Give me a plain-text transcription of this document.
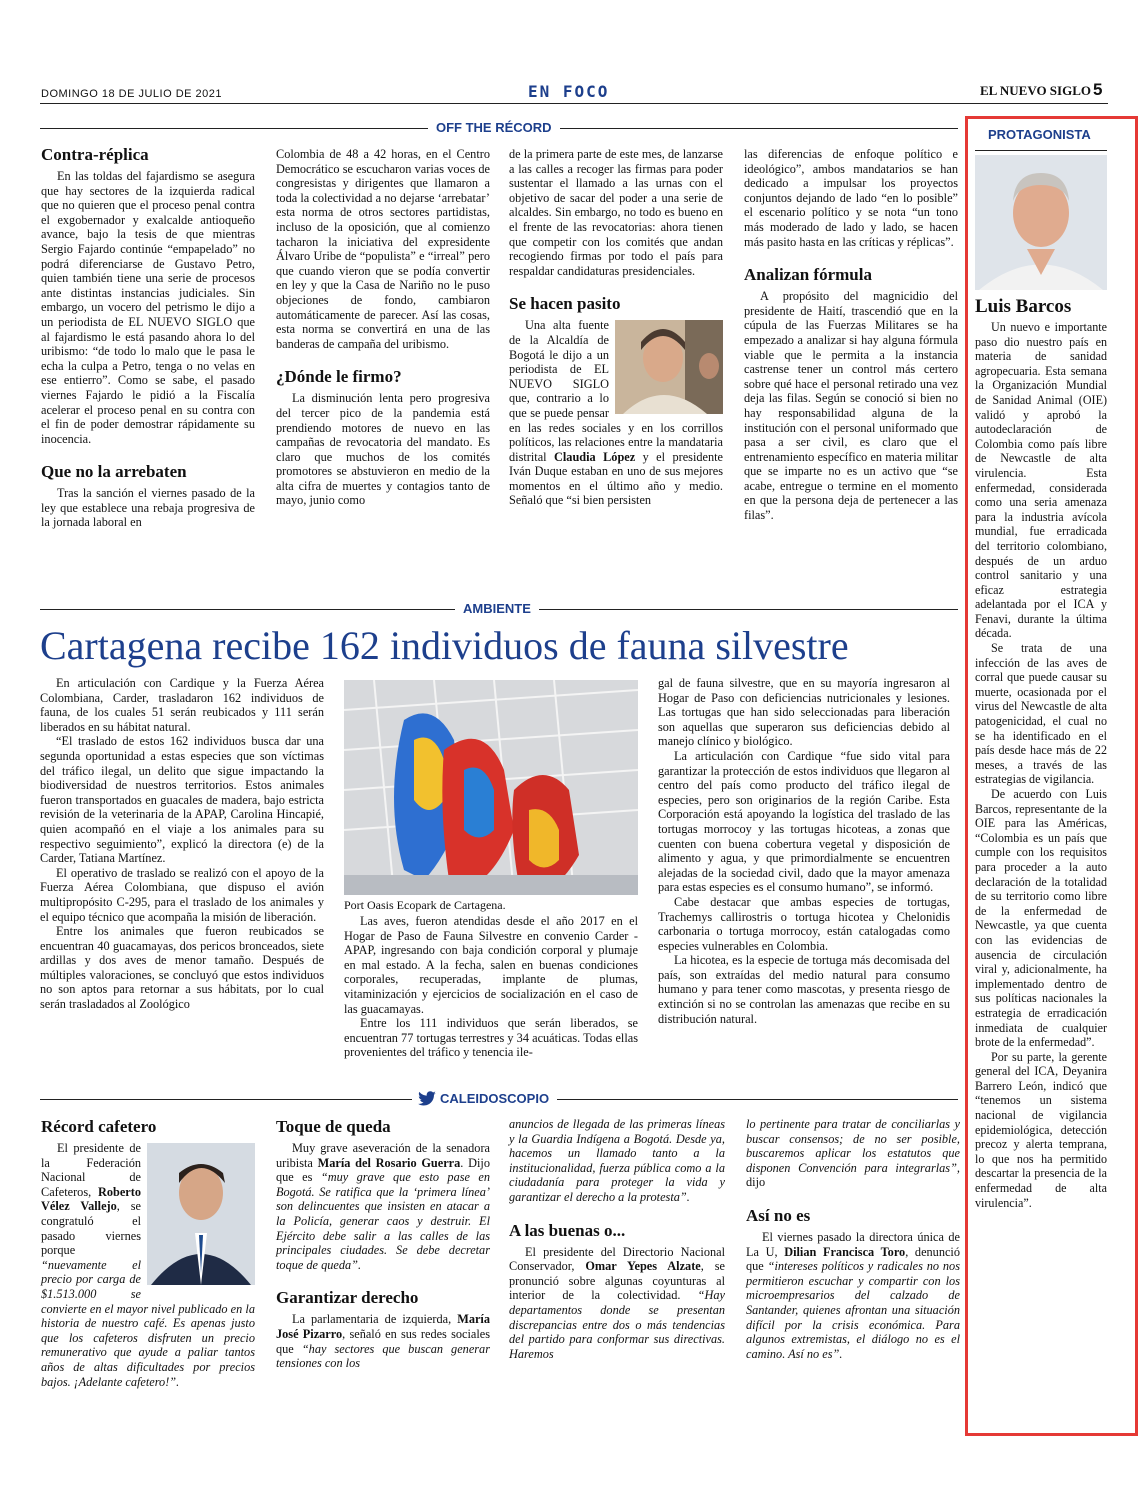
DOMINGO 18 DE JULIO DE 2021	EN FOCO	EL NUEVO SIGLO 5
OFF THE RÉCORD
Contra-réplica

En las toldas del fajardismo se asegura que hay sectores de la izquierda radical que no quieren que el proceso penal contra el exgobernador y exalcalde antioqueño avance, bajo la tesis de que mientras Sergio Fajardo continúe “empapelado” no podrá diferenciarse de Gustavo Petro, quien también tiene una serie de procesos ante distintas instancias judiciales. Sin embargo, un vocero del petrismo le dijo a un periodista de EL NUEVO SIGLO que al fajardismo le está pasando ahora lo del uribismo: “de todo lo malo que le pasa le echa la culpa a Petro, tenga o no velas en ese entierro”. Como se sabe, el pasado viernes Fajardo le pidió a la Fiscalía acelerar el proceso penal en su contra con el fin de poder demostrar rápidamente su inocencia.

Que no la arrebaten

Tras la sanción el viernes pasado de la ley que establece una rebaja progresiva de la jornada laboral en

Colombia de 48 a 42 horas, en el Centro Democrático se escucharon varias voces de congresistas y dirigentes que llamaron a toda la colectividad a no dejarse ‘arrebatar’ esta norma de otros sectores partidistas, incluso de la oposición, que al comienzo tacharon la iniciativa del expresidente Álvaro Uribe de “populista” e “irreal” pero que cuando vieron que se podía convertir en ley y que la Casa de Nariño no le puso objeciones de fondo, cambiaron automáticamente de parecer. Así las cosas, esta norma se convertirá en una de las banderas de campaña del uribismo.

¿Dónde le firmo?

La disminución lenta pero progresiva del tercer pico de la pandemia está prendiendo motores de nuevo en las campañas de revocatoria del mandato. Es claro que muchos de los comités promotores se abstuvieron en medio de la alta cifra de muertes y contagios tanto de mayo, junio como

de la primera parte de este mes, de lanzarse a las calles a recoger las firmas para poder sustentar el llamado a las urnas con el objetivo de sacar del poder a una serie de alcaldes. Sin embargo, no todo es bueno en el frente de las revocatorias: ahora tienen que competir con los comités que andan recogiendo firmas por todo el país para respaldar candidaturas presidenciales.

Se hacen pasito

Una alta fuente de la Alcaldía de Bogotá le dijo a un periodista de EL NUEVO SIGLO que, contrario a lo que se puede pensar en las redes sociales y en los corrillos políticos, las relaciones entre la mandataria distrital Claudia López y el presidente Iván Duque estaban en uno de sus mejores momentos en el último año y medio. Señaló que “si bien persisten

las diferencias de enfoque político e ideológico”, ambos mandatarios se han dedicado a impulsar los proyectos conjuntos dejando de lado “en lo posible” el escenario político y se nota “un tono más moderado de lado y lado, se hacen más pasito hasta en las críticas y réplicas”.

Analizan fórmula

A propósito del magnicidio del presidente de Haití, trascendió que en la cúpula de las Fuerzas Militares se ha empezado a analizar si hay alguna fórmula viable que le permita a la instancia castrense tener un control más certero sobre qué hace el personal retirado una vez deja las filas. Según se conoció si bien no hay responsabilidad alguna de la institución con el personal uniformado que pasa a ser civil, es claro que el entrenamiento específico en materia militar que se imparte no es un activo que “se acabe, entregue o termine en el momento en que la persona deja de pertenecer a las filas”.

AMBIENTE
Cartagena recibe 162 individuos de fauna silvestre

En articulación con Cardique y la Fuerza Aérea Colombiana, Carder, trasladaron 162 individuos de fauna, de los cuales 51 serán reubicados y 111 serán liberados en su hábitat natural.

“El traslado de estos 162 individuos busca dar una segunda oportunidad a estas especies que son víctimas del tráfico ilegal, un delito que sigue impactando la biodiversidad de nuestros territorios. Estos animales fueron transportados en guacales de madera, bajo estricta revisión de la veterinaria de la APAP, Carolina Hincapié, quien acompañó en el viaje a los animales para su respectivo seguimiento”, explicó la directora (e) de la Carder, Tatiana Martínez.

El operativo de traslado se realizó con el apoyo de la Fuerza Aérea Colombiana, que dispuso el avión multipropósito C-295, para el traslado de los animales y el equipo técnico que acompaña la misión de liberación.

Entre los animales que fueron reubicados se encuentran 40 guacamayas, dos pericos bronceados, siete ardillas y dos aves de menor tamaño. Después de múltiples valoraciones, se concluyó que estos individuos no son aptos para retornar a sus hábitats, por lo cual serán trasladados al Zoológico

Port Oasis Ecopark de Cartagena.

Las aves, fueron atendidas desde el año 2017 en el Hogar de Paso de Fauna Silvestre en convenio Carder - APAP, ingresando con baja condición corporal y plumaje en mal estado. A la fecha, salen en buenas condiciones corporales, recuperadas, implante de plumas, vitaminización y ejercicios de socialización en el caso de las guacamayas.

Entre los 111 individuos que serán liberados, se encuentran 77 tortugas terrestres y 34 acuáticas. Todas ellas provenientes del tráfico y tenencia ile-

gal de fauna silvestre, que en su mayoría ingresaron al Hogar de Paso con deficiencias nutricionales y lesiones. Las tortugas que han sido seleccionadas para liberación son aquellas que superaron sus deficiencias debido al manejo clínico y biológico.

La articulación con Cardique “fue sido vital para garantizar la protección de estos individuos que llegaron al centro del país como producto del tráfico ilegal de especies, pero son originarios de la región Caribe. Esta Corporación está apoyando la logística del traslado de las tortugas morrocoy y las tortugas hicoteas, a zonas que cuenten con buena cobertura vegetal y disposición de alimento y agua, y que primordialmente se encuentren alejadas de la sociedad civil, dado que la mayor amenaza para estas especies es el consumo humano”, se informó.

Cabe destacar que ambas especies de tortugas, Trachemys callirostris o tortuga hicotea y Chelonidis carbonaria o tortuga morrocoy, están catalogadas como especies vulnerables en Colombia.

La hicotea, es la especie de tortuga más decomisada del país, son extraídas del medio natural para consumo humano y para tener como mascotas, y presenta riesgo de extinción si no se controlan las amenazas que recibe en su distribución natural.

CALEIDOSCOPIO
Récord cafetero

El presidente de la Federación Nacional de Cafeteros, Roberto Vélez Vallejo, se congratuló el pasado viernes porque “nuevamente el precio por carga de $1.513.000 se convierte en el mayor nivel publicado en la historia de nuestro café. Es apenas justo que los cafeteros disfruten un precio remunerativo que ayude a paliar tantos años de altas dificultades por precios bajos. ¡Adelante cafetero!”.

Toque de queda

Muy grave aseveración de la senadora uribista María del Rosario Guerra. Dijo que es “muy grave que esto pase en Bogotá. Se ratifica que la ‘primera línea’ son delincuentes que insisten en atacar a la Policía, generar caos y destruir. El Ejército debe salir a las calles de las principales ciudades. Se debe decretar toque de queda”.

Garantizar derecho

La parlamentaria de izquierda, María José Pizarro, señaló en sus redes sociales que “hay sectores que buscan generar tensiones con los

anuncios de llegada de las primeras líneas y la Guardia Indígena a Bogotá. Desde ya, hacemos un llamado tanto a la institucionalidad, fuerza pública como a la ciudadanía para proteger la vida y garantizar el derecho a la protesta”.

A las buenas o...

El presidente del Directorio Nacional Conservador, Omar Yepes Alzate, se pronunció sobre algunas coyunturas al interior de la colectividad. “Hay departamentos donde se presentan discrepancias entre dos o más tendencias del partido para conformar sus directivas. Haremos

lo pertinente para tratar de conciliarlas y buscar consensos; de no ser posible, buscaremos aplicar los estatutos que disponen Convención para integrarlas”, dijo

Así no es

El viernes pasado la directora única de La U, Dilian Francisca Toro, denunció que “intereses políticos y radicales no nos permitieron escuchar y compartir con los microempresarios del calzado de Santander, quienes afrontan una situación difícil por la crisis económica. Para algunos extremistas, el diálogo no es el camino. Así no es”.

PROTAGONISTA
Luis Barcos

Un nuevo e importante paso dio nuestro país en materia de sanidad agropecuaria. Esta semana la Organización Mundial de Sanidad Animal (OIE) validó y aprobó la autodeclaración de Colombia como país libre de Newcastle de alta virulencia. Esta enfermedad, considerada como una seria amenaza para la industria avícola mundial, fue erradicada del territorio colombiano, después de un arduo control sanitario y una eficaz estrategia adelantada por el ICA y Fenavi, durante la última década.

Se trata de una infección de las aves de corral que puede causar su muerte, ocasionada por el virus del Newcastle de alta patogenicidad, el cual no se ha identificado en el país desde hace más de 22 meses, a través de las estrategias de vigilancia.

De acuerdo con Luis Barcos, representante de la OIE para las Américas, “Colombia es un país que cumple con los requisitos para proceder a la auto declaración de la totalidad de su territorio como libre de la enfermedad de Newcastle, ya que cuenta con las evidencias de ausencia de circulación viral y, adicionalmente, ha implementado dentro de sus políticas nacionales la estrategia de erradicación inmediata de cualquier brote de la enfermedad”.

Por su parte, la gerente general del ICA, Deyanira Barrero León, indicó que “tenemos un sistema nacional de vigilancia epidemiológica, detección precoz y alerta temprana, lo que nos ha permitido descartar la presencia de la enfermedad de alta virulencia”.
